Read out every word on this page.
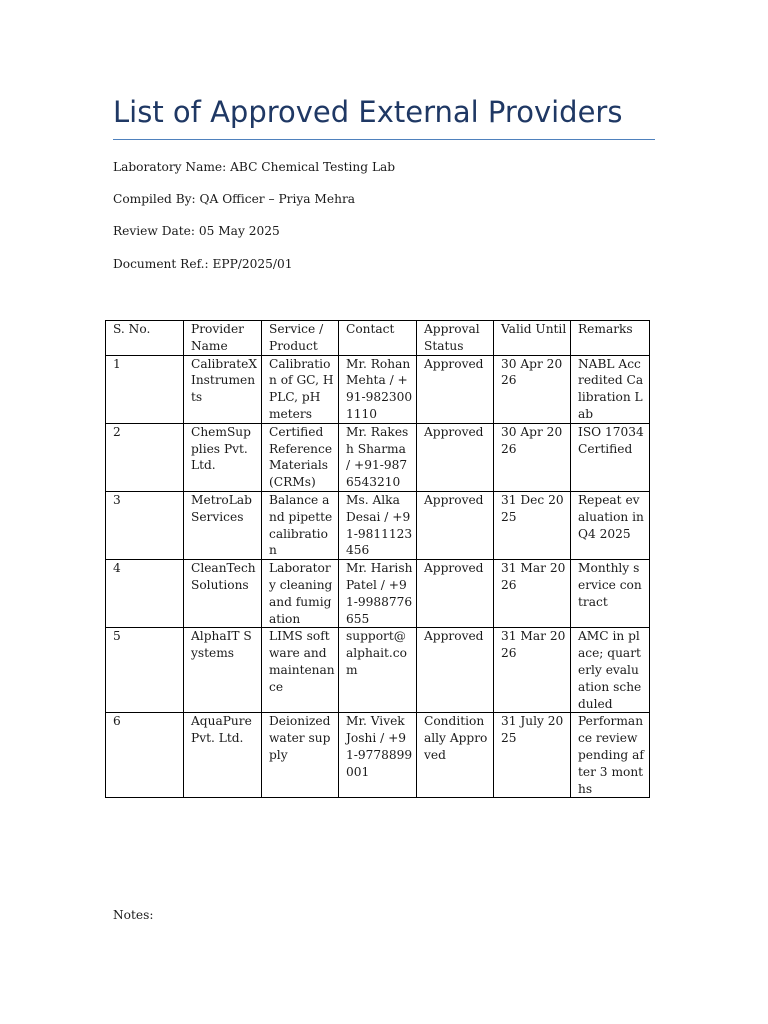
List of Approved External Providers
Laboratory Name: ABC Chemical Testing Lab
Compiled By: QA Officer – Priya Mehra
Review Date: 05 May 2025
Document Ref.: EPP/2025/01
S. No.	Provider Name	Service / Product	Contact	Approval Status	Valid Until	Remarks
1	CalibrateX Instruments	Calibration of GC, HPLC, pH meters	Mr. Rohan Mehta / +91-9823001110	Approved	30 Apr 2026	NABL Accredited Calibration Lab
2	ChemSupplies Pvt. Ltd.	Certified Reference Materials (CRMs)	Mr. Rakesh Sharma / +91-9876543210	Approved	30 Apr 2026	ISO 17034 Certified
3	MetroLab Services	Balance and pipette calibration	Ms. Alka Desai / +91-9811123456	Approved	31 Dec 2025	Repeat evaluation in Q4 2025
4	CleanTech Solutions	Laboratory cleaning and fumigation	Mr. Harish Patel / +91-9988776655	Approved	31 Mar 2026	Monthly service contract
5	AlphaIT Systems	LIMS software and maintenance	support@alphait.com	Approved	31 Mar 2026	AMC in place; quarterly evaluation scheduled
6	AquaPure Pvt. Ltd.	Deionized water supply	Mr. Vivek Joshi / +91-9778899001	Conditionally Approved	31 July 2025	Performance review pending after 3 months
Notes:
